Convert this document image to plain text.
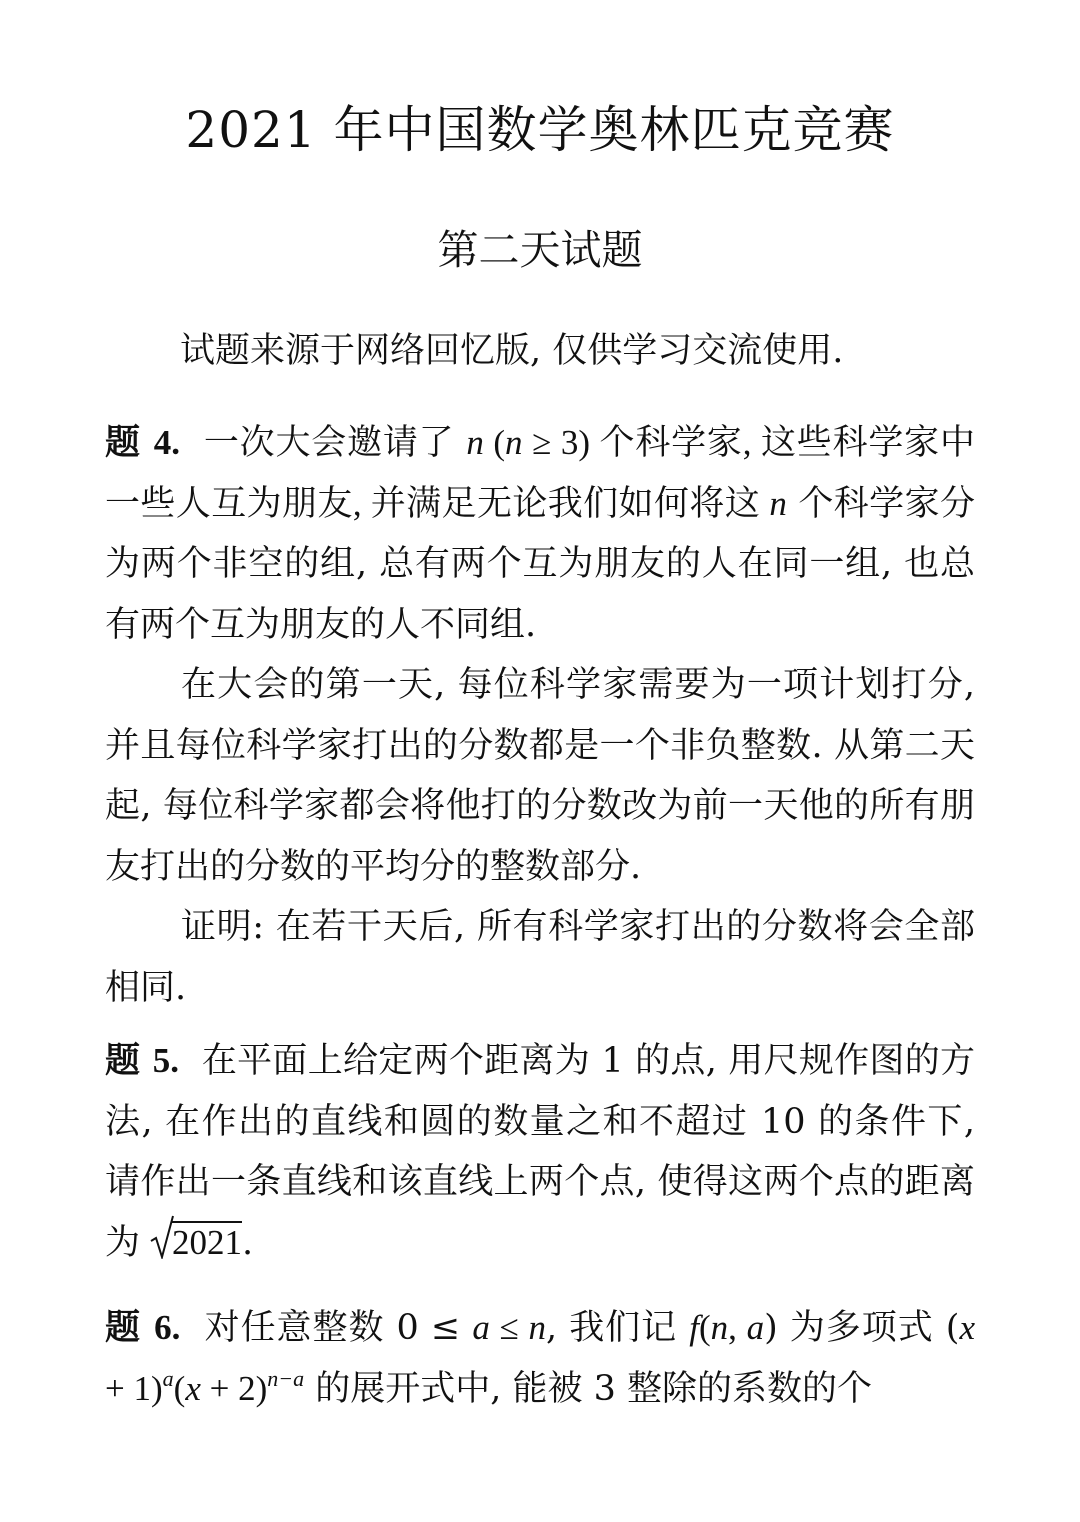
2021 年中国数学奥林匹克竞赛
第二天试题
试题来源于网络回忆版, 仅供学习交流使用.

题 4. 一次大会邀请了 n (n ≥ 3) 个科学家, 这些科学家中一些人互为朋友, 并满足无论我们如何将这 n 个科学家分为两个非空的组, 总有两个互为朋友的人在同一组, 也总有两个互为朋友的人不同组.

在大会的第一天, 每位科学家需要为一项计划打分, 并且每位科学家打出的分数都是一个非负整数. 从第二天起, 每位科学家都会将他打的分数改为前一天他的所有朋友打出的分数的平均分的整数部分.

证明: 在若干天后, 所有科学家打出的分数将会全部相同.

题 5. 在平面上给定两个距离为 1 的点, 用尺规作图的方法, 在作出的直线和圆的数量之和不超过 10 的条件下, 请作出一条直线和该直线上两个点, 使得这两个点的距离为 2021.

题 6. 对任意整数 0 ≤ a ≤ n, 我们记 f(n, a) 为多项式 $(x + 1)^a(x + 2)^{n-a}$ 的展开式中, 能被 3 整除的系数的个
